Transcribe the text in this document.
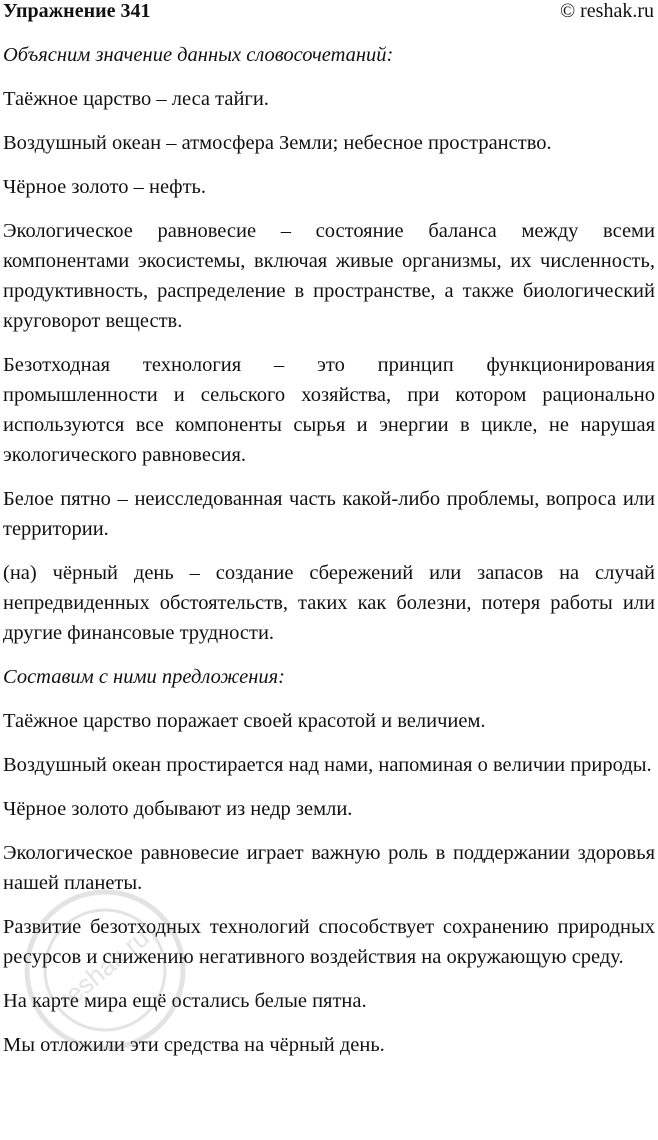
Упражнение 341	© reshak.ru

Объясним значение данных словосочетаний:

Таёжное царство – леса тайги.

Воздушный океан – атмосфера Земли; небесное пространство.

Чёрное золото – нефть.

Экологическое равновесие – состояние баланса между всеми компонентами экосистемы, включая живые организмы, их численность, продуктивность, распределение в пространстве, а также биологический круговорот веществ.

Безотходная технология – это принцип функционирования промышленности и сельского хозяйства, при котором рационально используются все компоненты сырья и энергии в цикле, не нарушая экологического равновесия.

Белое пятно – неисследованная часть какой-либо проблемы, вопроса или территории.

(на) чёрный день – создание сбережений или запасов на случай непредвиденных обстоятельств, таких как болезни, потеря работы или другие финансовые трудности.

Составим с ними предложения:

Таёжное царство поражает своей красотой и величием.

Воздушный океан простирается над нами, напоминая о величии природы.

Чёрное золото добывают из недр земли.

Экологическое равновесие играет важную роль в поддержании здоровья нашей планеты.

Развитие безотходных технологий способствует сохранению природных ресурсов и снижению негативного воздействия на окружающую среду.

На карте мира ещё остались белые пятна.

Мы отложили эти средства на чёрный день.

reshak.ru
